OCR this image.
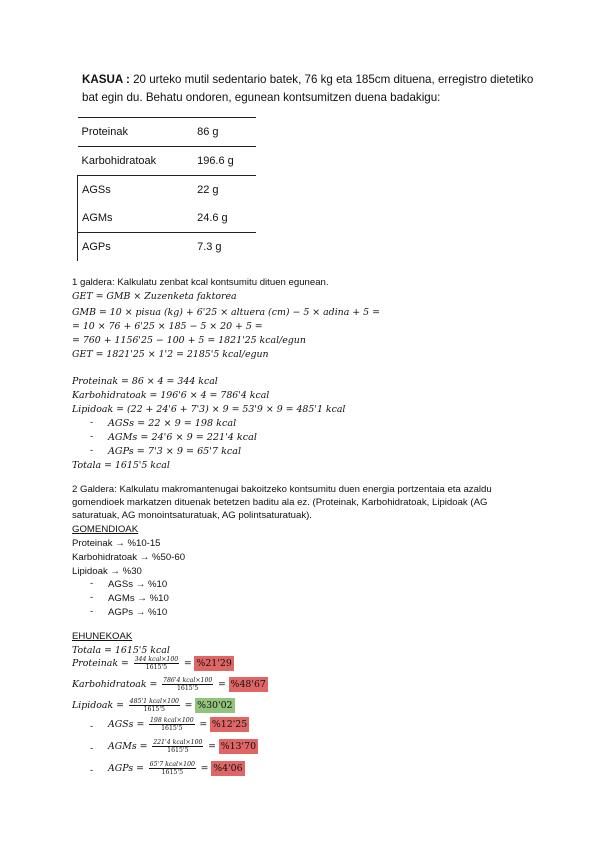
KASUA : 20 urteko mutil sedentario batek, 76 kg eta 185cm dituena, erregistro dietetiko bat egin du. Behatu ondoren, egunean kontsumitzen duena badakigu:
Proteinak	86 g
Karbohidratoak	196.6 g
AGSs	22 g
AGMs	24.6 g
AGPs	7.3 g
1 galdera: Kalkulatu zenbat kcal kontsumitu dituen egunean.
GET = GMB × Zuzenketa faktorea
GMB = 10 × pisua (kg) + 6'25 × altuera (cm) − 5 × adina + 5 =
= 10 × 76 + 6'25 × 185 − 5 × 20 + 5 =
= 760 + 1156'25 − 100 + 5 = 1821'25 kcal/egun
GET = 1821'25 × 1'2 = 2185'5 kcal/egun
Proteinak = 86 × 4 = 344 kcal
Karbohidratoak = 196'6 × 4 = 786'4 kcal
Lipidoak = (22 + 24'6 + 7'3) × 9 = 53'9 × 9 = 485'1 kcal
- AGSs = 22 × 9 = 198 kcal
- AGMs = 24'6 × 9 = 221'4 kcal
- AGPs = 7'3 × 9 = 65'7 kcal
Totala = 1615'5 kcal
2 Galdera: Kalkulatu makromantenugai bakoitzeko kontsumitu duen energia portzentaia eta azaldu gomendioek markatzen dituenak betetzen baditu ala ez. (Proteinak, Karbohidratoak, Lipidoak (AG saturatuak, AG monointsaturatuak, AG polintsaturatuak).
GOMENDIOAK
Proteinak → %10-15
Karbohidratoak → %50-60
Lipidoak → %30
- AGSs → %10
- AGMs → %10
- AGPs → %10
EHUNEKOAK
Totala = 1615'5 kcal
Proteinak = $\frac{\text{344 kcal×100}}{1615'5} = \%21'29$
Karbohidratoak = $\frac{\text{786'4 kcal×100}}{1615'5} = \%48'67$
Lipidoak = $\frac{\text{485'1 kcal×100}}{1615'5} = \%30'02$
- AGSs = $\frac{\text{198 kcal×100}}{1615'5} = \%12'25$
- AGMs = $\frac{\text{221'4 kcal×100}}{1615'5} = \%13'70$
- AGPs = $\frac{\text{65'7 kcal×100}}{1615'5} = \%4'06$
